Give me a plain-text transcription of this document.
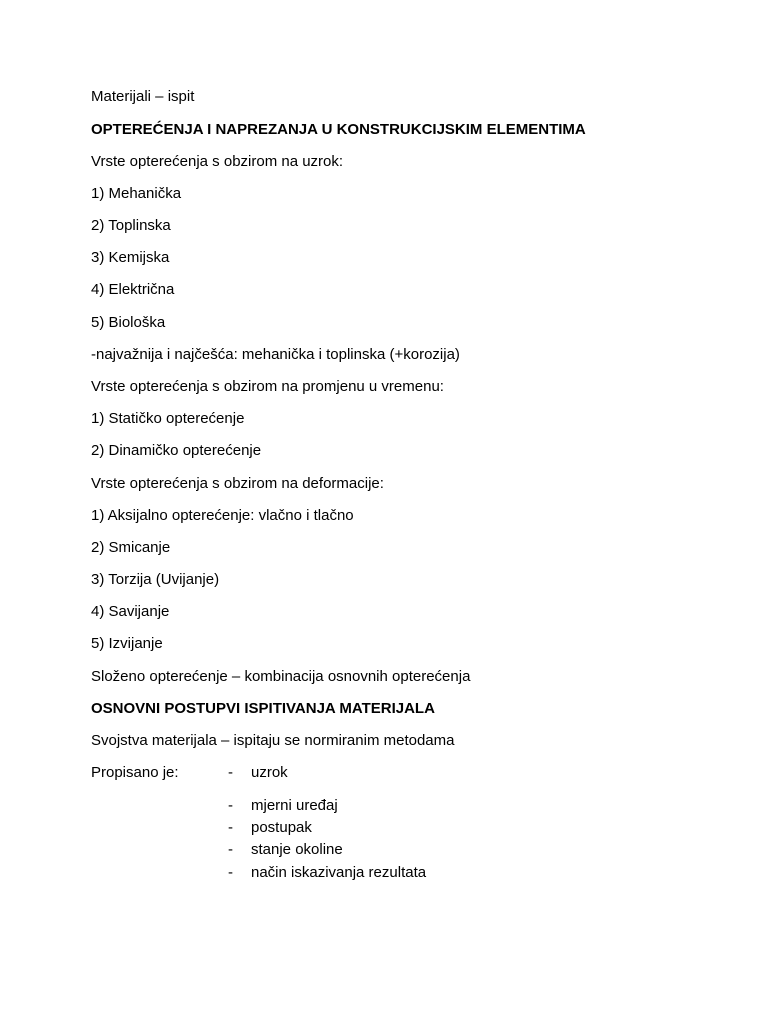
Materijali – ispit
OPTEREĆENJA I NAPREZANJA U KONSTRUKCIJSKIM ELEMENTIMA
Vrste opterećenja s obzirom na uzrok:
1) Mehanička
2) Toplinska
3) Kemijska
4) Električna
5) Biološka
-najvažnija i najčešća: mehanička i toplinska (+korozija)
Vrste opterećenja s obzirom na promjenu u vremenu:
1) Statičko opterećenje
2) Dinamičko opterećenje
Vrste opterećenja s obzirom na deformacije:
1) Aksijalno opterećenje: vlačno i tlačno
2) Smicanje
3) Torzija (Uvijanje)
4) Savijanje
5) Izvijanje
Složeno opterećenje – kombinacija osnovnih opterećenja
OSNOVNI POSTUPVI ISPITIVANJA MATERIJALA
Svojstva materijala – ispitaju se normiranim metodama
Propisano je:	- uzrok
- mjerni uređaj
- postupak
- stanje okoline
- način iskazivanja rezultata
